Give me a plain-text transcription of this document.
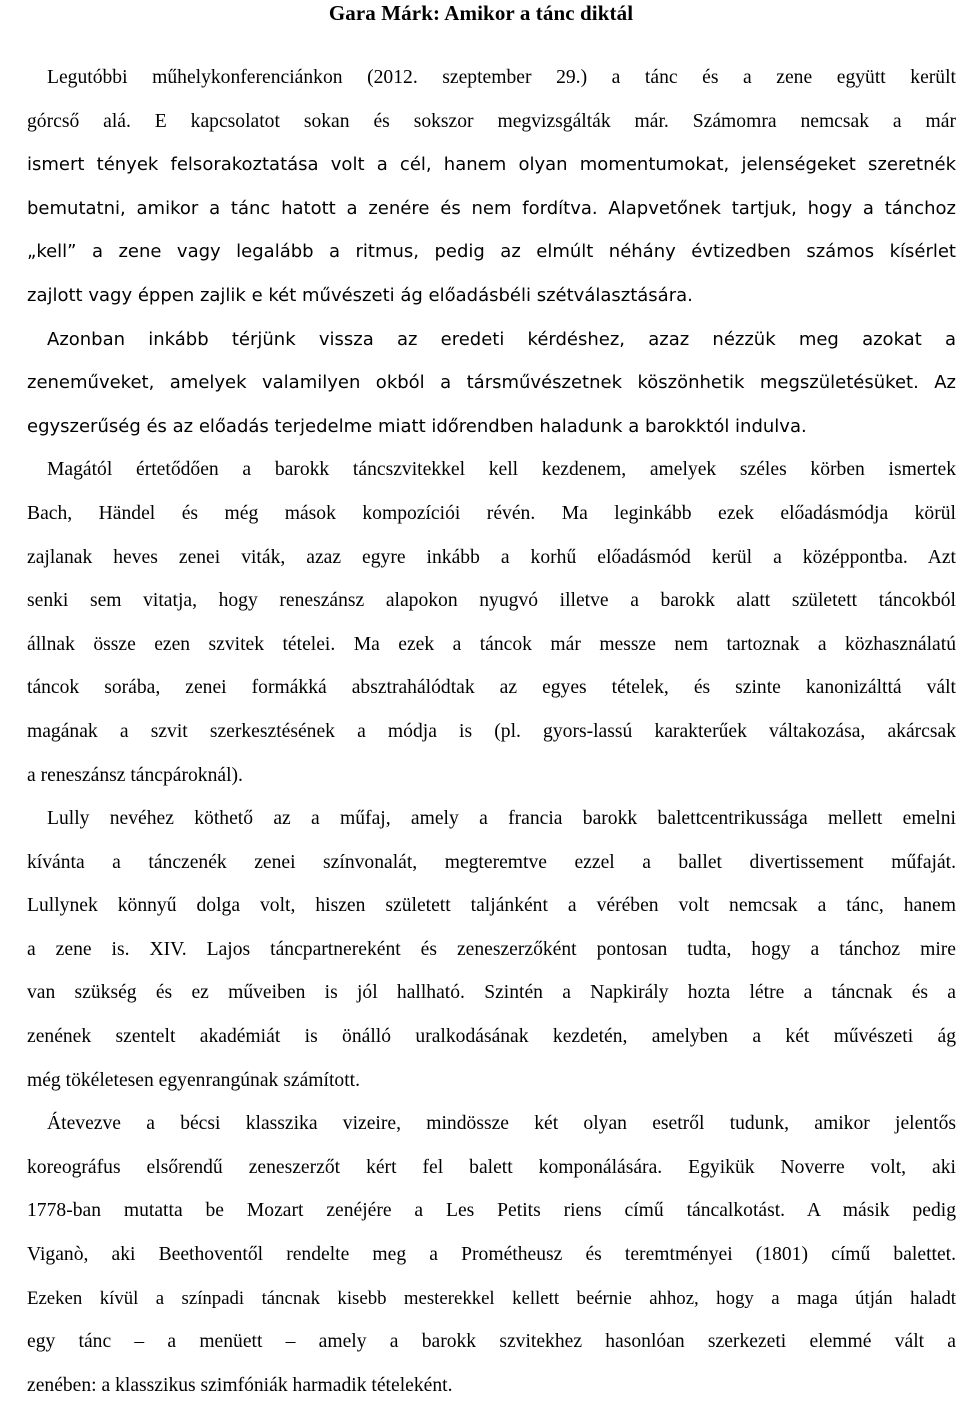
Gara Márk: Amikor a tánc diktál

Legutóbbi műhelykonferenciánkon (2012. szeptember 29.) a tánc és a zene együtt került
górcső alá. E kapcsolatot sokan és sokszor megvizsgálták már. Számomra nemcsak a már
ismert tények felsorakoztatása volt a cél, hanem olyan momentumokat, jelenségeket szeretnék
bemutatni, amikor a tánc hatott a zenére és nem fordítva. Alapvetőnek tartjuk, hogy a tánchoz
„kell” a zene vagy legalább a ritmus, pedig az elmúlt néhány évtizedben számos kísérlet
zajlott vagy éppen zajlik e két művészeti ág előadásbéli szétválasztására.

Azonban inkább térjünk vissza az eredeti kérdéshez, azaz nézzük meg azokat a
zeneműveket, amelyek valamilyen okból a társművészetnek köszönhetik megszületésüket. Az
egyszerűség és az előadás terjedelme miatt időrendben haladunk a barokktól indulva.

Magától értetődően a barokk táncszvitekkel kell kezdenem, amelyek széles körben ismertek
Bach, Händel és még mások kompozíciói révén. Ma leginkább ezek előadásmódja körül
zajlanak heves zenei viták, azaz egyre inkább a korhű előadásmód kerül a középpontba. Azt
senki sem vitatja, hogy reneszánsz alapokon nyugvó illetve a barokk alatt született táncokból
állnak össze ezen szvitek tételei. Ma ezek a táncok már messze nem tartoznak a közhasználatú
táncok sorába, zenei formákká absztrahálódtak az egyes tételek, és szinte kanonizálttá vált
magának a szvit szerkesztésének a módja is (pl. gyors-lassú karakterűek váltakozása, akárcsak
a reneszánsz táncpároknál).

Lully nevéhez köthető az a műfaj, amely a francia barokk balettcentrikussága mellett emelni
kívánta a tánczenék zenei színvonalát, megteremtve ezzel a ballet divertissement műfaját.
Lullynek könnyű dolga volt, hiszen született taljánként a vérében volt nemcsak a tánc, hanem
a zene is. XIV. Lajos táncpartnereként és zeneszerzőként pontosan tudta, hogy a tánchoz mire
van szükség és ez műveiben is jól hallható. Szintén a Napkirály hozta létre a táncnak és a
zenének szentelt akadémiát is önálló uralkodásának kezdetén, amelyben a két művészeti ág
még tökéletesen egyenrangúnak számított.

Átevezve a bécsi klasszika vizeire, mindössze két olyan esetről tudunk, amikor jelentős
koreográfus elsőrendű zeneszerzőt kért fel balett komponálására. Egyikük Noverre volt, aki
1778-ban mutatta be Mozart zenéjére a Les Petits riens című táncalkotást. A másik pedig
Viganò, aki Beethoventől rendelte meg a Prométheusz és teremtményei (1801) című balettet.
Ezeken kívül a színpadi táncnak kisebb mesterekkel kellett beérnie ahhoz, hogy a maga útján haladt
egy tánc – a menüett – amely a barokk szvitekhez hasonlóan szerkezeti elemmé vált a
zenében: a klasszikus szimfóniák harmadik tételeként.
